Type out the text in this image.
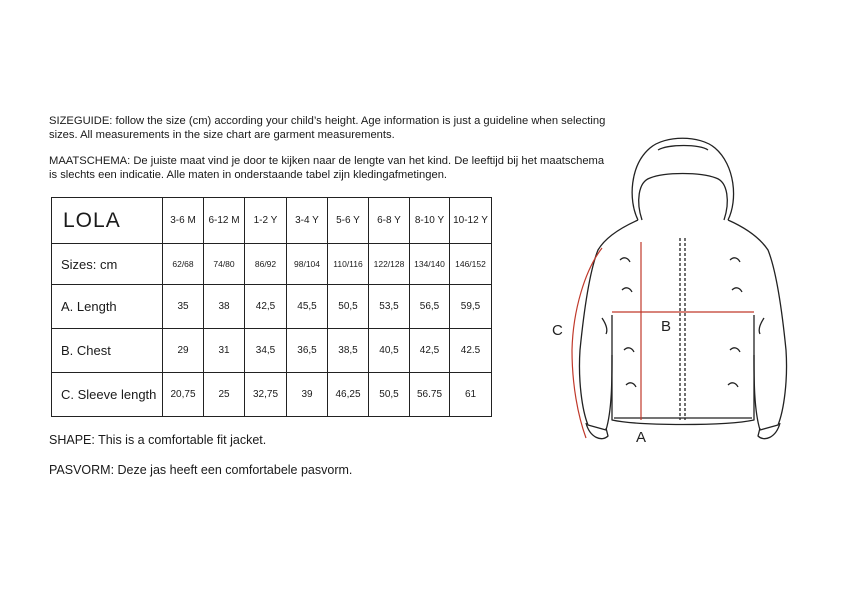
SIZEGUIDE: follow the size (cm) according your child’s height. Age information is just a guideline when selecting sizes. All measurements in the size chart are garment measurements.
MAATSCHEMA: De juiste maat vind je door te kijken naar de lengte van het kind. De leeftijd bij het maatschema is slechts een indicatie. Alle maten in onderstaande tabel zijn kledingafmetingen.
LOLA	3-6 M	6-12 M	1-2 Y	3-4 Y	5-6 Y	6-8 Y	8-10 Y	10-12 Y
Sizes: cm	62/68	74/80	86/92	98/104	110/116	122/128	134/140	146/152
A. Length	35	38	42,5	45,5	50,5	53,5	56,5	59,5
B. Chest	29	31	34,5	36,5	38,5	40,5	42,5	42.5
C. Sleeve length	20,75	25	32,75	39	46,25	50,5	56.75	61
SHAPE: This is a comfortable fit jacket.
PASVORM: Deze jas heeft een comfortabele pasvorm.
A
B
C
